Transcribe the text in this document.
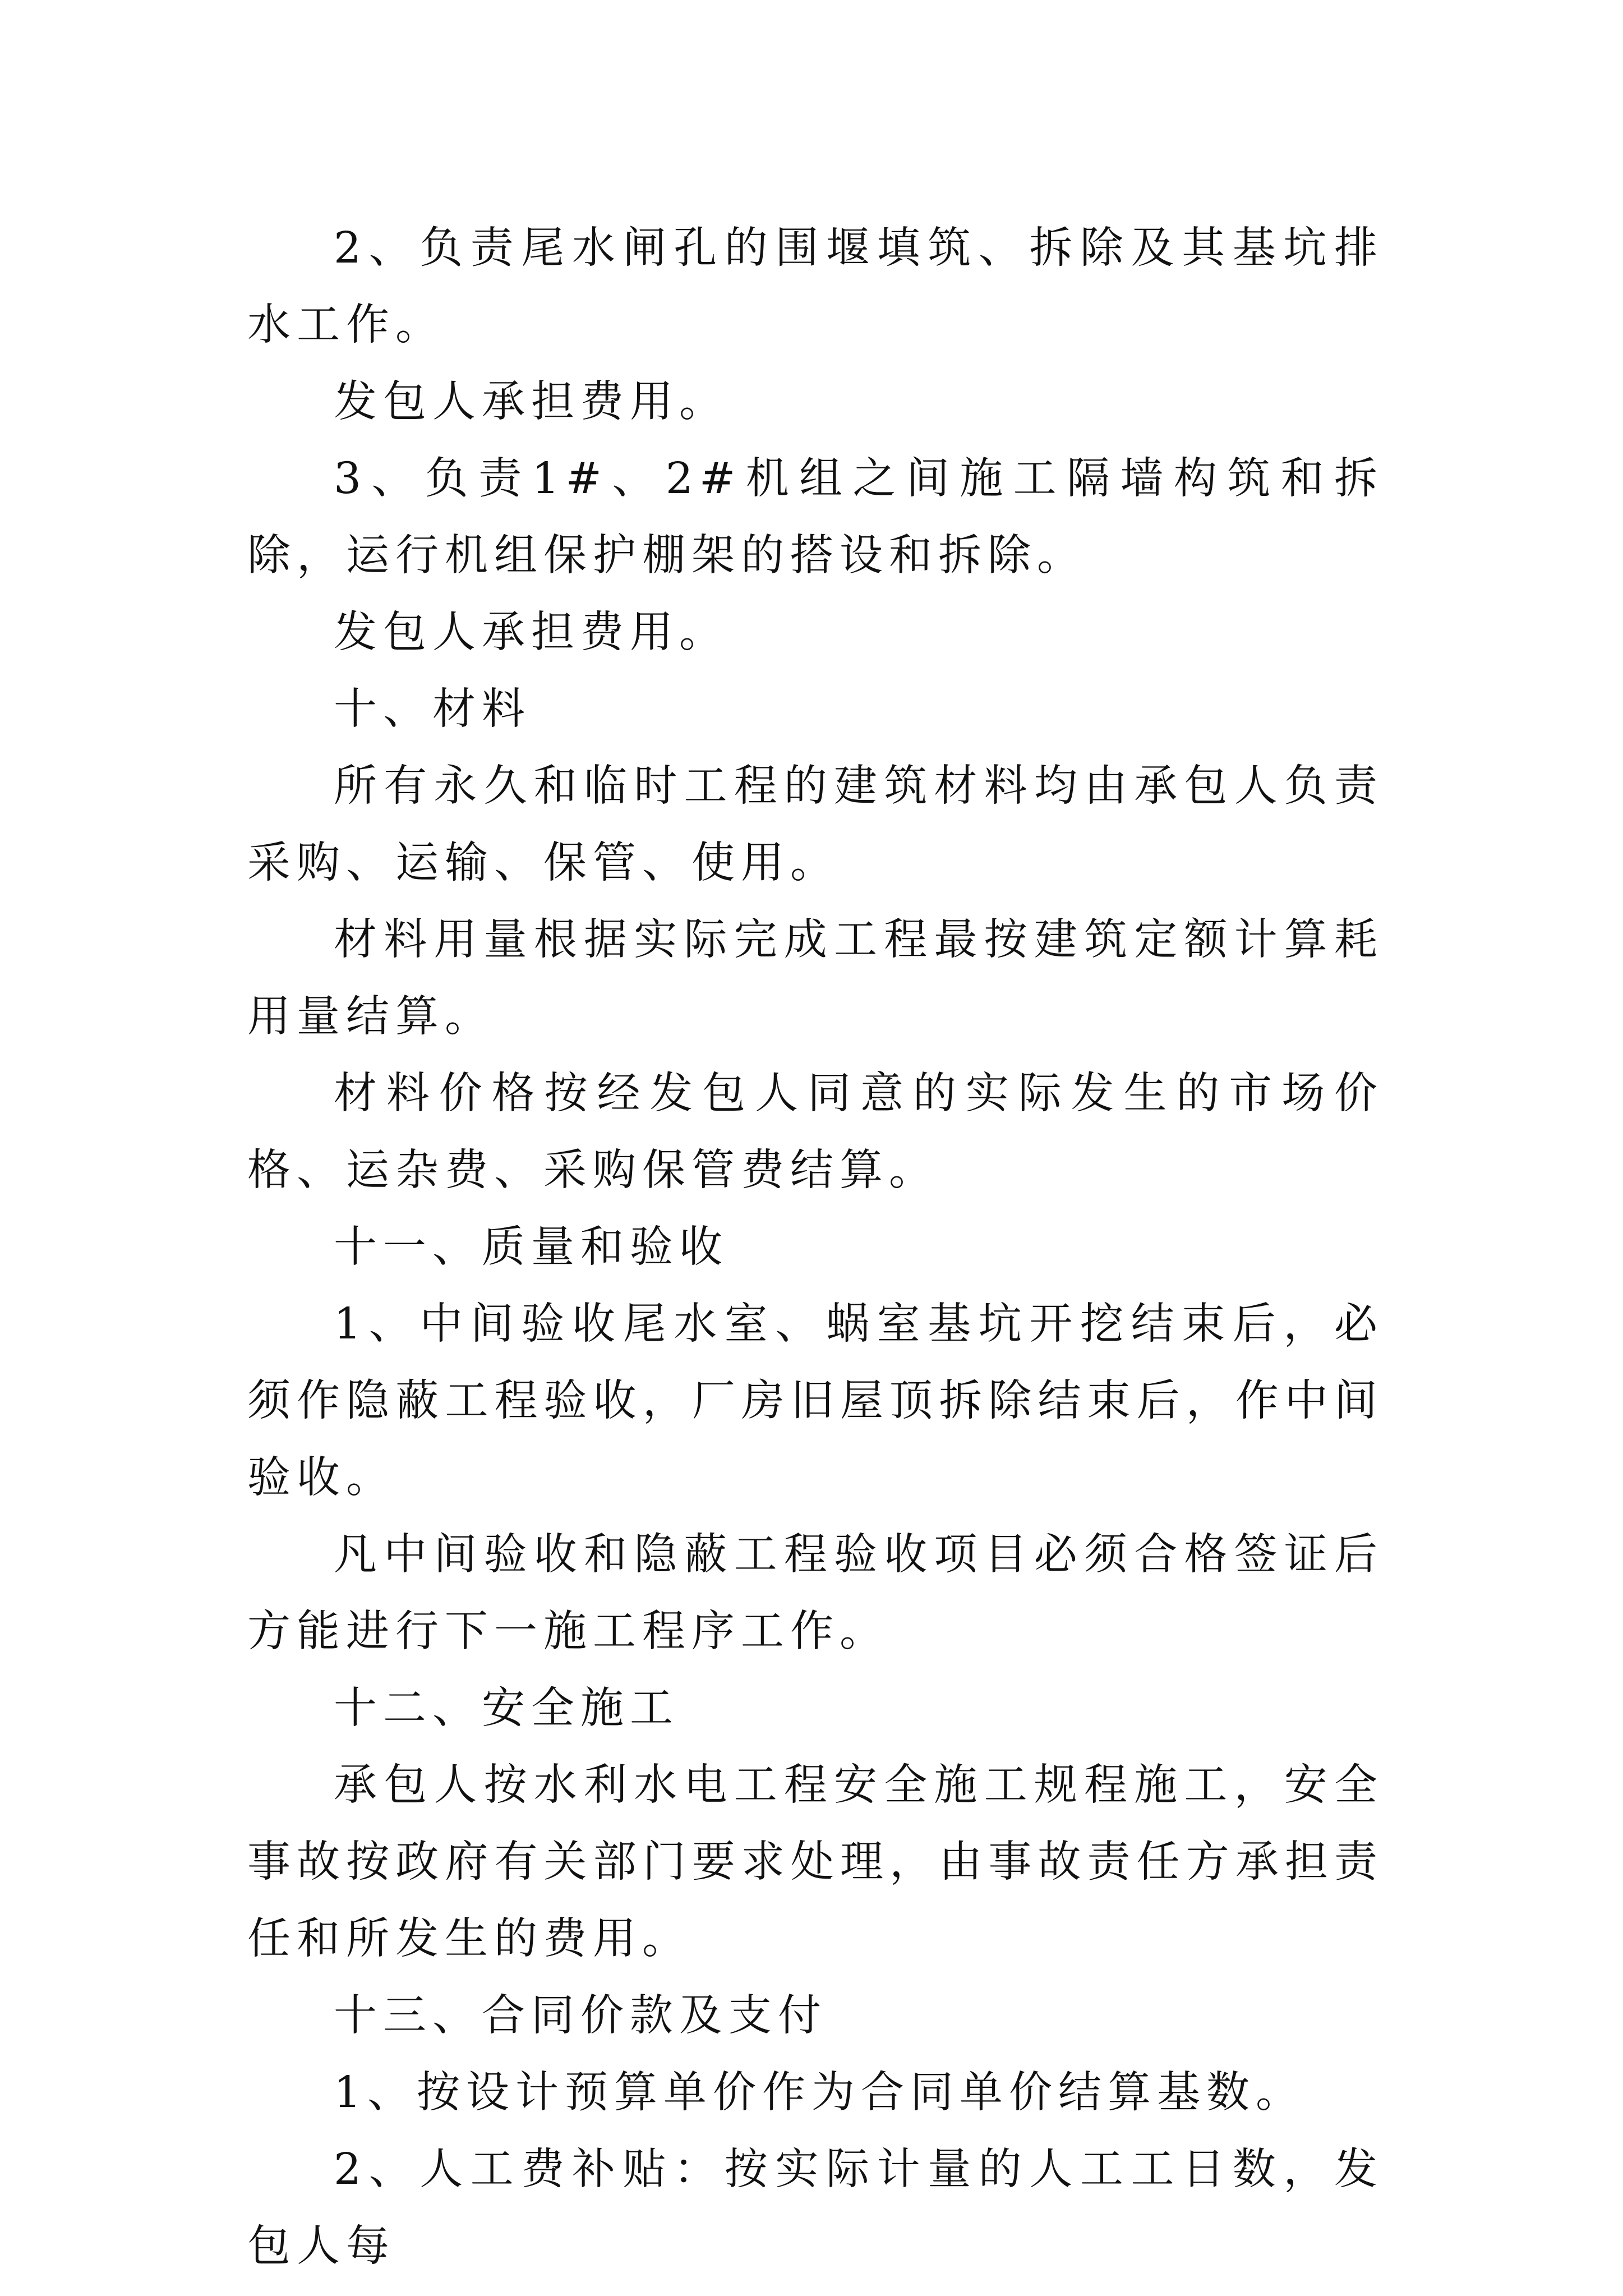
2、负责尾水闸孔的围堰填筑、拆除及其基坑排水工作。

发包人承担费用。

3、负责1#、2#机组之间施工隔墙构筑和拆除，运行机组保护棚架的搭设和拆除。

发包人承担费用。

十、材料

所有永久和临时工程的建筑材料均由承包人负责采购、运输、保管、使用。

材料用量根据实际完成工程最按建筑定额计算耗用量结算。

材料价格按经发包人同意的实际发生的市场价格、运杂费、采购保管费结算。

十一、质量和验收

1、中间验收尾水室、蜗室基坑开挖结束后，必须作隐蔽工程验收，厂房旧屋顶拆除结束后，作中间验收。

凡中间验收和隐蔽工程验收项目必须合格签证后方能进行下一施工程序工作。

十二、安全施工

承包人按水利水电工程安全施工规程施工，安全事故按政府有关部门要求处理，由事故责任方承担责任和所发生的费用。

十三、合同价款及支付

1、按设计预算单价作为合同单价结算基数。

2、人工费补贴：按实际计量的人工工日数，发包人每
